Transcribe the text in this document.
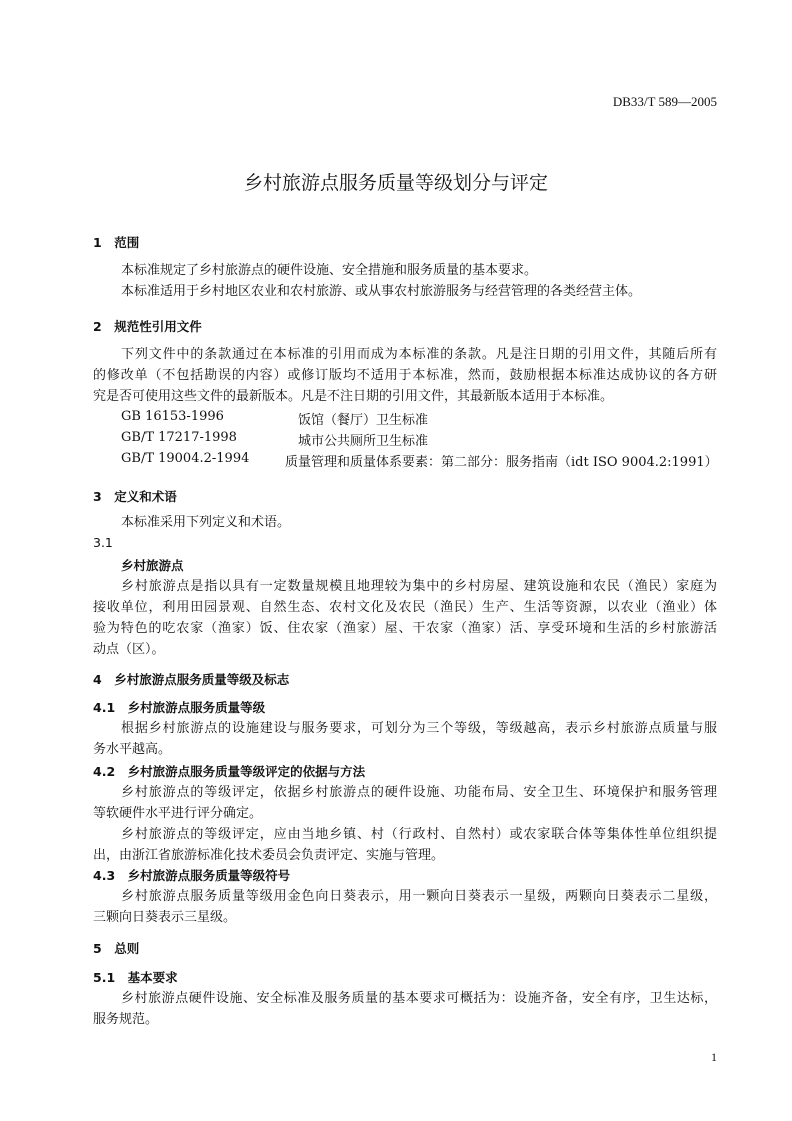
DB33/T 589—2005
乡村旅游点服务质量等级划分与评定
1　范围
本标准规定了乡村旅游点的硬件设施、安全措施和服务质量的基本要求。
本标准适用于乡村地区农业和农村旅游、或从事农村旅游服务与经营管理的各类经营主体。
2　规范性引用文件
下列文件中的条款通过在本标准的引用而成为本标准的条款。凡是注日期的引用文件，其随后所有
的修改单（不包括勘误的内容）或修订版均不适用于本标准，然而，鼓励根据本标准达成协议的各方研
究是否可使用这些文件的最新版本。凡是不注日期的引用文件，其最新版本适用于本标准。
GB 16153-1996	饭馆（餐厅）卫生标准
GB/T 17217-1998	城市公共厕所卫生标准
GB/T 19004.2-1994	质量管理和质量体系要素：第二部分：服务指南（idt ISO 9004.2:1991）
3　定义和术语
本标准采用下列定义和术语。
3.1
乡村旅游点
乡村旅游点是指以具有一定数量规模且地理较为集中的乡村房屋、建筑设施和农民（渔民）家庭为
接收单位，利用田园景观、自然生态、农村文化及农民（渔民）生产、生活等资源，以农业（渔业）体
验为特色的吃农家（渔家）饭、住农家（渔家）屋、干农家（渔家）活、享受环境和生活的乡村旅游活
动点（区）。
4　乡村旅游点服务质量等级及标志
4.1　乡村旅游点服务质量等级
根据乡村旅游点的设施建设与服务要求，可划分为三个等级，等级越高，表示乡村旅游点质量与服
务水平越高。
4.2　乡村旅游点服务质量等级评定的依据与方法
乡村旅游点的等级评定，依据乡村旅游点的硬件设施、功能布局、安全卫生、环境保护和服务管理
等软硬件水平进行评分确定。
乡村旅游点的等级评定，应由当地乡镇、村（行政村、自然村）或农家联合体等集体性单位组织提
出，由浙江省旅游标准化技术委员会负责评定、实施与管理。
4.3　乡村旅游点服务质量等级符号
乡村旅游点服务质量等级用金色向日葵表示，用一颗向日葵表示一星级，两颗向日葵表示二星级，
三颗向日葵表示三星级。
5　总则
5.1　基本要求
乡村旅游点硬件设施、安全标准及服务质量的基本要求可概括为：设施齐备，安全有序，卫生达标，
服务规范。
1
